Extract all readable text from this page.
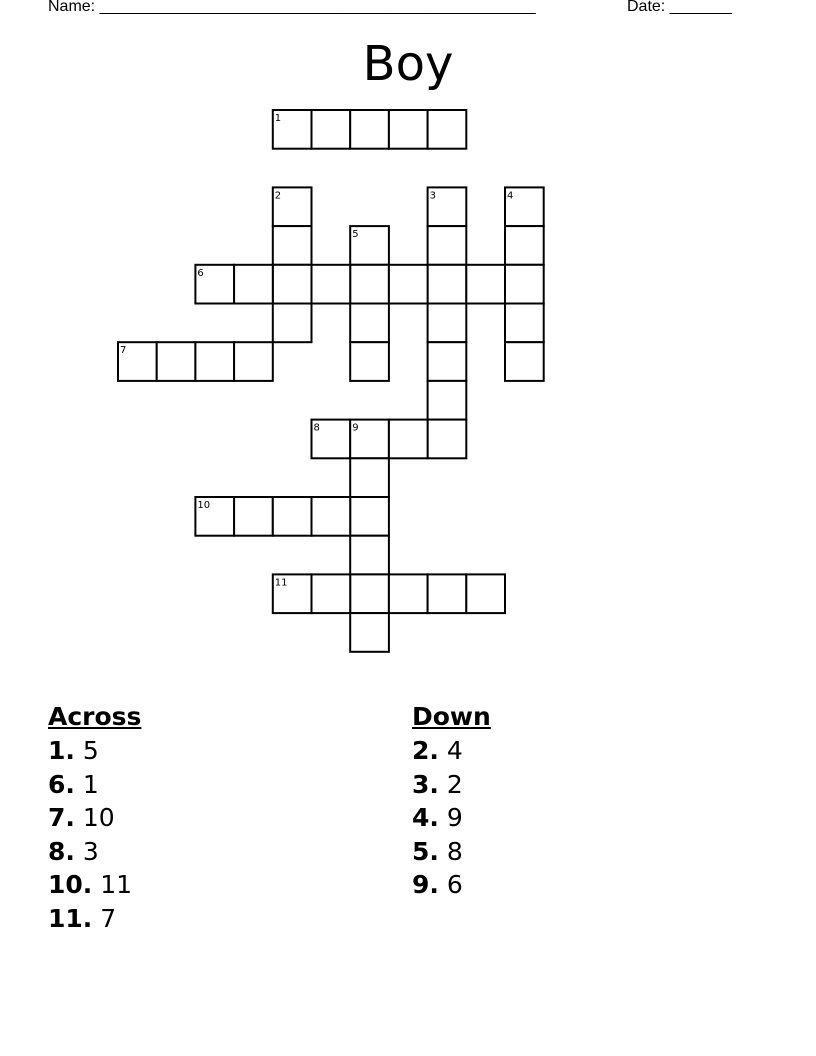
Name: _________________________________________________	Date: _______
Boy
1
2	3	4
5
6
7
8	9
10
11
Across
1. 5
6. 1
7. 10
8. 3
10. 11
11. 7
Down
2. 4
3. 2
4. 9
5. 8
9. 6
